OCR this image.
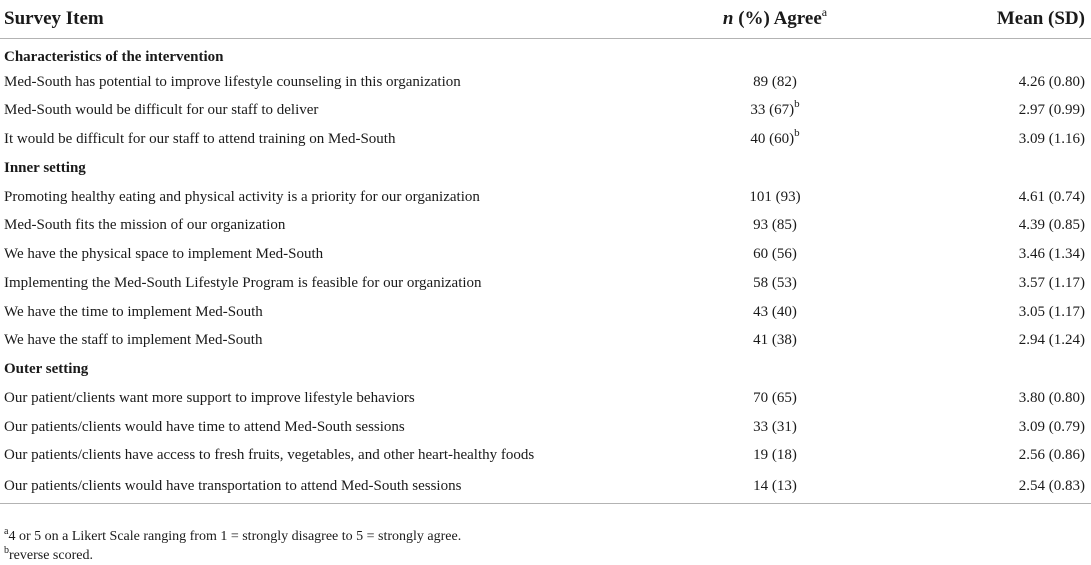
Survey Item	n (%) Agree$^a$	Mean (SD)
Characteristics of the intervention		
Med-South has potential to improve lifestyle counseling in this organization	89 (82)	4.26 (0.80)
Med-South would be difficult for our staff to deliver	33 $(67)^b$	2.97 (0.99)
It would be difficult for our staff to attend training on Med-South	40 $(60)^b$	3.09 (1.16)
Inner setting		
Promoting healthy eating and physical activity is a priority for our organization	101 (93)	4.61 (0.74)
Med-South fits the mission of our organization	93 (85)	4.39 (0.85)
We have the physical space to implement Med-South	60 (56)	3.46 (1.34)
Implementing the Med-South Lifestyle Program is feasible for our organization	58 (53)	3.57 (1.17)
We have the time to implement Med-South	43 (40)	3.05 (1.17)
We have the staff to implement Med-South	41 (38)	2.94 (1.24)
Outer setting		
Our patient/clients want more support to improve lifestyle behaviors	70 (65)	3.80 (0.80)
Our patients/clients would have time to attend Med-South sessions	33 (31)	3.09 (0.79)
Our patients/clients have access to fresh fruits, vegetables, and other heart-healthy foods	19 (18)	2.56 (0.86)
Our patients/clients would have transportation to attend Med-South sessions	14 (13)	2.54 (0.83)
$^a$4 or 5 on a Likert Scale ranging from 1 = strongly disagree to 5 = strongly agree.
$^b$reverse scored.
